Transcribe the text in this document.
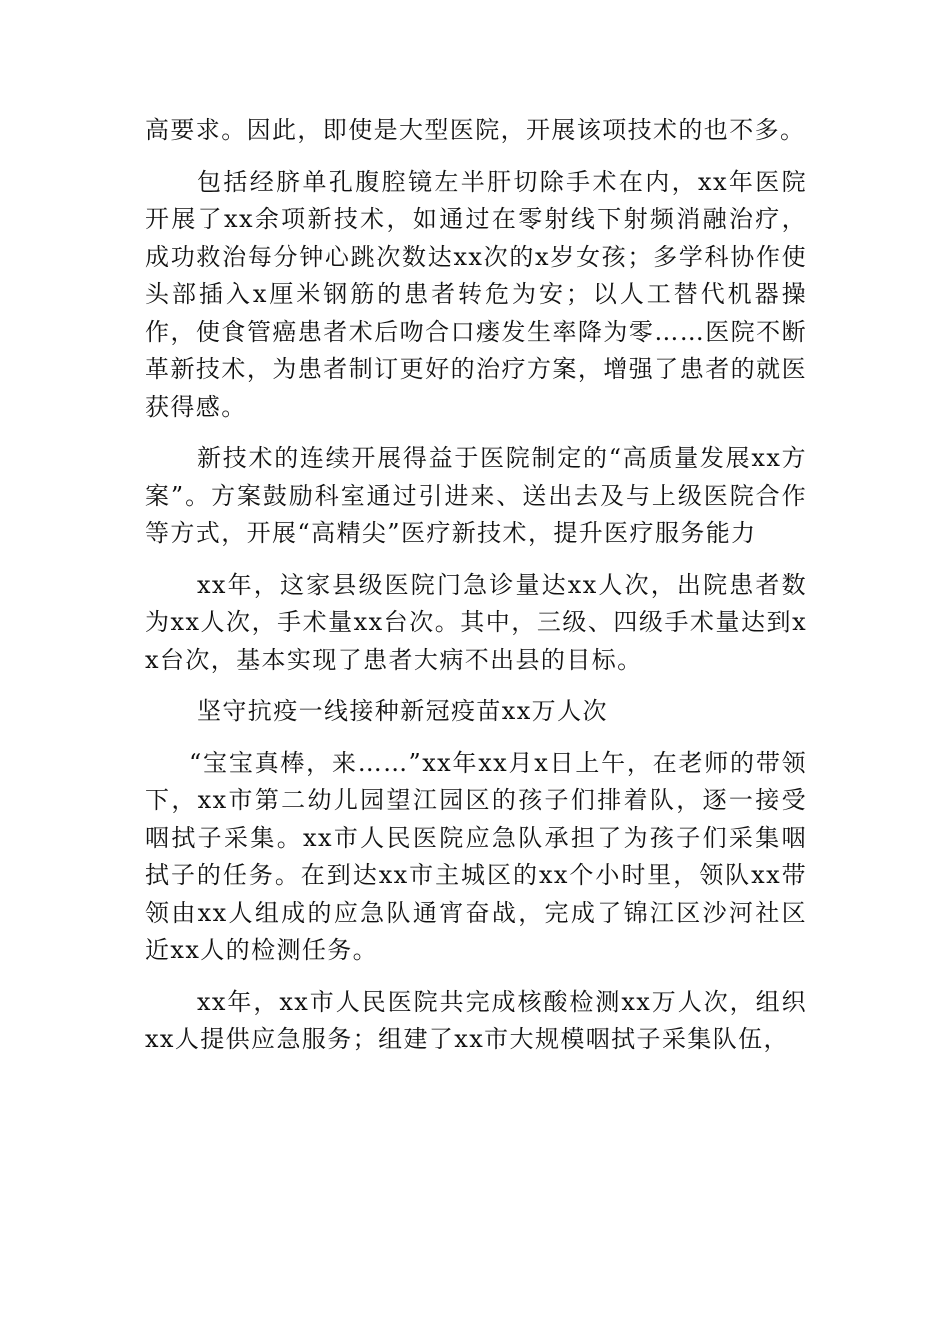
高要求。因此，即使是大型医院，开展该项技术的也不多。

包括经脐单孔腹腔镜左半肝切除手术在内，xx年医院开展了xx余项新技术，如通过在零射线下射频消融治疗，成功救治每分钟心跳次数达xx次的x岁女孩；多学科协作使头部插入x厘米钢筋的患者转危为安；以人工替代机器操作，使食管癌患者术后吻合口瘘发生率降为零……医院不断革新技术，为患者制订更好的治疗方案，增强了患者的就医获得感。

新技术的连续开展得益于医院制定的“高质量发展xx方案”。方案鼓励科室通过引进来、送出去及与上级医院合作等方式，开展“高精尖”医疗新技术，提升医疗服务能力

xx年，这家县级医院门急诊量达xx人次，出院患者数为xx人次，手术量xx台次。其中，三级、四级手术量达到xx台次，基本实现了患者大病不出县的目标。

坚守抗疫一线接种新冠疫苗xx万人次

“宝宝真棒，来……”xx年xx月x日上午，在老师的带领下，xx市第二幼儿园望江园区的孩子们排着队，逐一接受咽拭子采集。xx市人民医院应急队承担了为孩子们采集咽拭子的任务。在到达xx市主城区的xx个小时里，领队xx带领由xx人组成的应急队通宵奋战，完成了锦江区沙河社区近xx人的检测任务。

xx年，xx市人民医院共完成核酸检测xx万人次，组织xx人提供应急服务；组建了xx市大规模咽拭子采集队伍，
